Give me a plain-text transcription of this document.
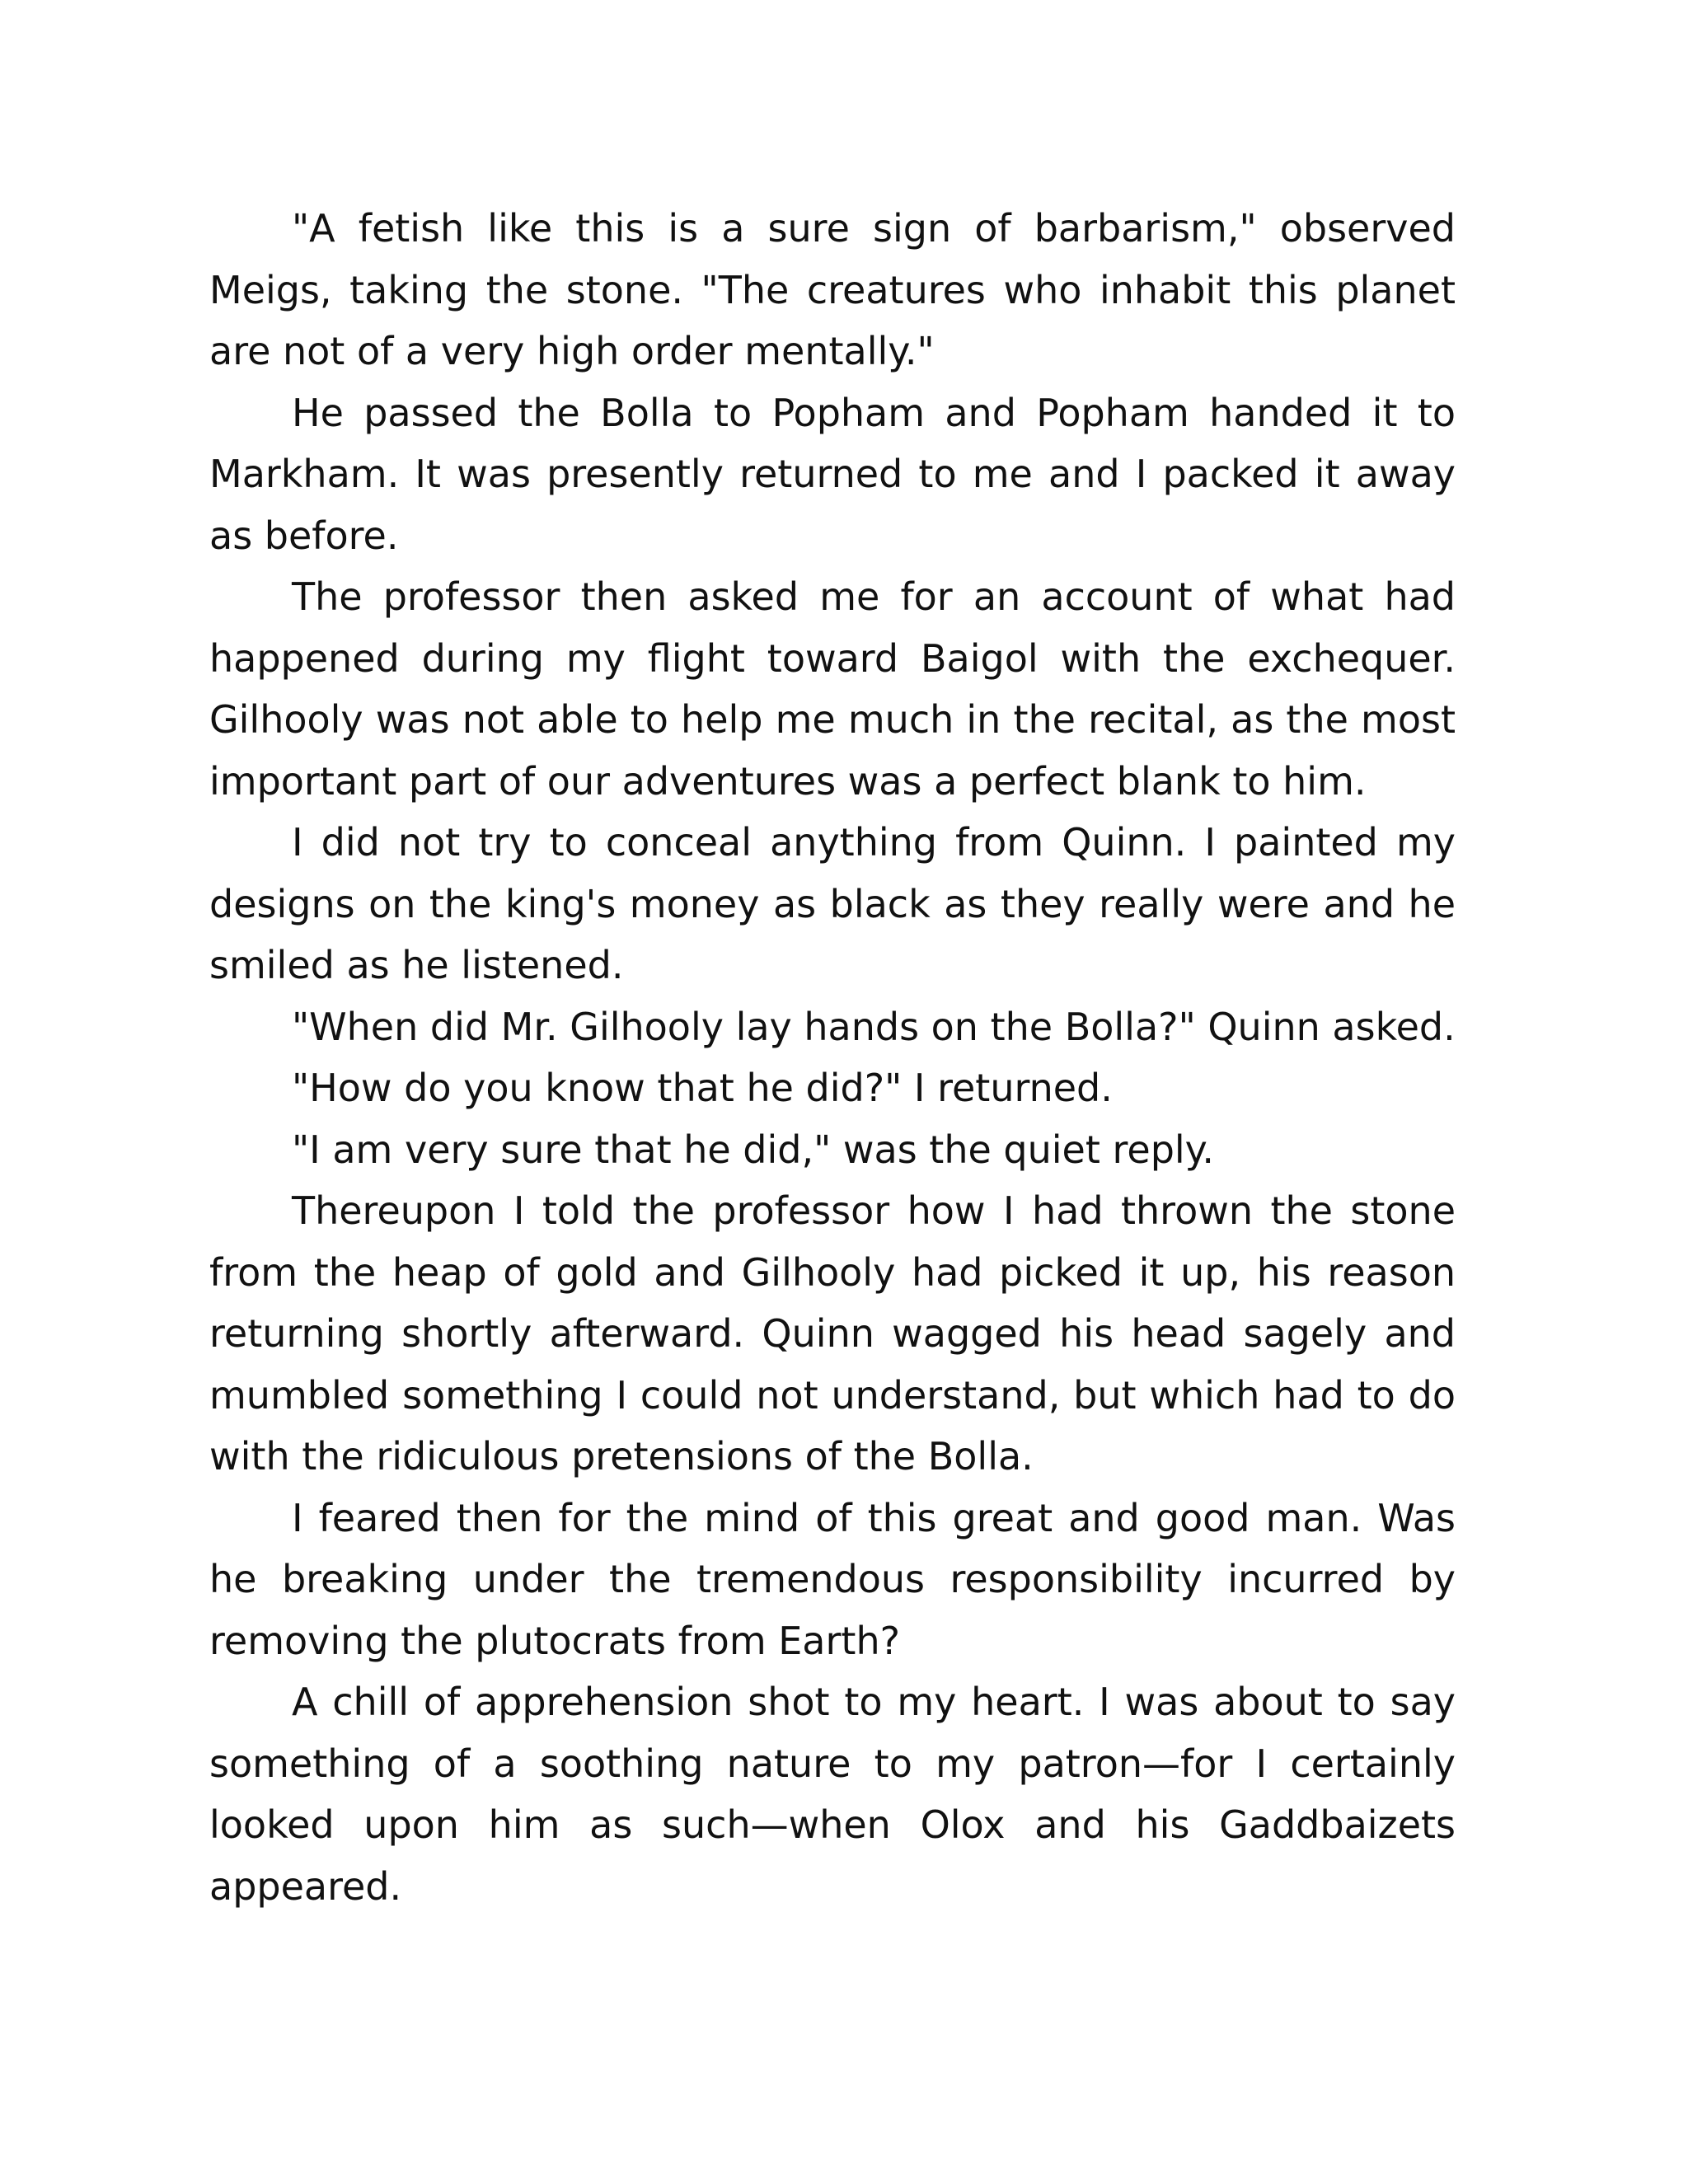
"A fetish like this is a sure sign of barbarism," observed Meigs, taking the stone. "The creatures who inhabit this planet are not of a very high order mentally."

He passed the Bolla to Popham and Popham handed it to Markham. It was presently returned to me and I packed it away as before.

The professor then asked me for an account of what had happened during my flight toward Baigol with the exchequer. Gilhooly was not able to help me much in the recital, as the most important part of our adventures was a perfect blank to him.

I did not try to conceal anything from Quinn. I painted my designs on the king's money as black as they really were and he smiled as he listened.

"When did Mr. Gilhooly lay hands on the Bolla?" Quinn asked.

"How do you know that he did?" I returned.

"I am very sure that he did," was the quiet reply.

Thereupon I told the professor how I had thrown the stone from the heap of gold and Gilhooly had picked it up, his reason returning shortly afterward. Quinn wagged his head sagely and mumbled something I could not understand, but which had to do with the ridiculous pretensions of the Bolla.

I feared then for the mind of this great and good man. Was he breaking under the tremendous responsibility incurred by removing the plutocrats from Earth?

A chill of apprehension shot to my heart. I was about to say something of a soothing nature to my patron—for I certainly looked upon him as such—when Olox and his Gaddbaizets appeared.
